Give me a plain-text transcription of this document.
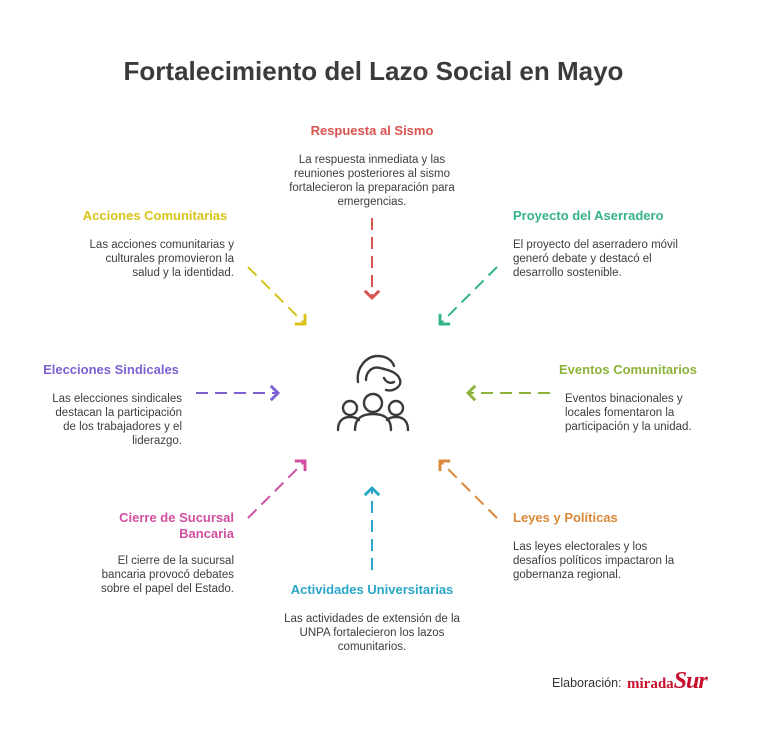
Fortalecimiento del Lazo Social en Mayo
Respuesta al Sismo
La respuesta inmediata y las reuniones posteriores al sismo fortalecieron la preparación para emergencias.
Proyecto del Aserradero
El proyecto del aserradero móvil generó debate y destacó el desarrollo sostenible.
Eventos Comunitarios
Eventos binacionales y locales fomentaron la participación y la unidad.
Leyes y Políticas
Las leyes electorales y los desafíos políticos impactaron la gobernanza regional.
Actividades Universitarias
Las actividades de extensión de la UNPA fortalecieron los lazos comunitarios.
Cierre de Sucursal Bancaria
El cierre de la sucursal bancaria provocó debates sobre el papel del Estado.
Elecciones Sindicales
Las elecciones sindicales destacan la participación de los trabajadores y el liderazgo.
Acciones Comunitarias
Las acciones comunitarias y culturales promovieron la salud y la identidad.
Elaboración: miradaSur
